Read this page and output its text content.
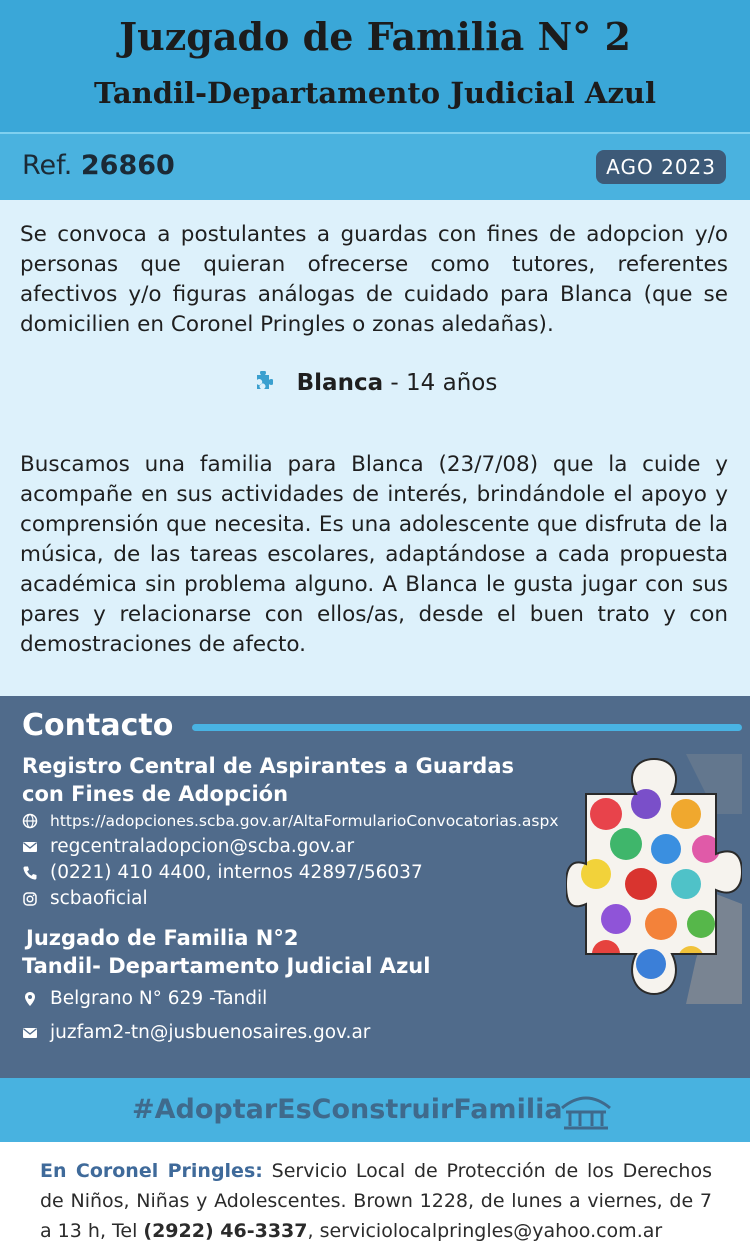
Juzgado de Familia N° 2
Tandil-Departamento Judicial Azul
Ref. 26860	AGO 2023

Se convoca a postulantes a guardas con fines de adopcion y/o personas que quieran ofrecerse como tutores, referentes afectivos y/o figuras análogas de cuidado para Blanca (que se domicilien en Coronel Pringles o zonas aledañas).

Blanca - 14 años

Buscamos una familia para Blanca (23/7/08) que la cuide y acompañe en sus actividades de interés, brindándole el apoyo y comprensión que necesita. Es una adolescente que disfruta de la música, de las tareas escolares, adaptándose a cada propuesta académica sin problema alguno. A Blanca le gusta jugar con sus pares y relacionarse con ellos/as, desde el buen trato y con demostraciones de afecto.

Contacto
Registro Central de Aspirantes a Guardas
con Fines de Adopción
https://adopciones.scba.gov.ar/AltaFormularioConvocatorias.aspx
regcentraladopcion@scba.gov.ar
(0221) 410 4400, internos 42897/56037
scbaoficial
Juzgado de Familia N°2
Tandil- Departamento Judicial Azul
Belgrano N° 629 -Tandil
juzfam2-tn@jusbuenosaires.gov.ar
#AdoptarEsConstruirFamilia
En Coronel Pringles: Servicio Local de Protección de los Derechos de Niños, Niñas y Adolescentes. Brown 1228, de lunes a viernes, de 7 a 13 h, Tel (2922) 46-3337, serviciolocalpringles@yahoo.com.ar
